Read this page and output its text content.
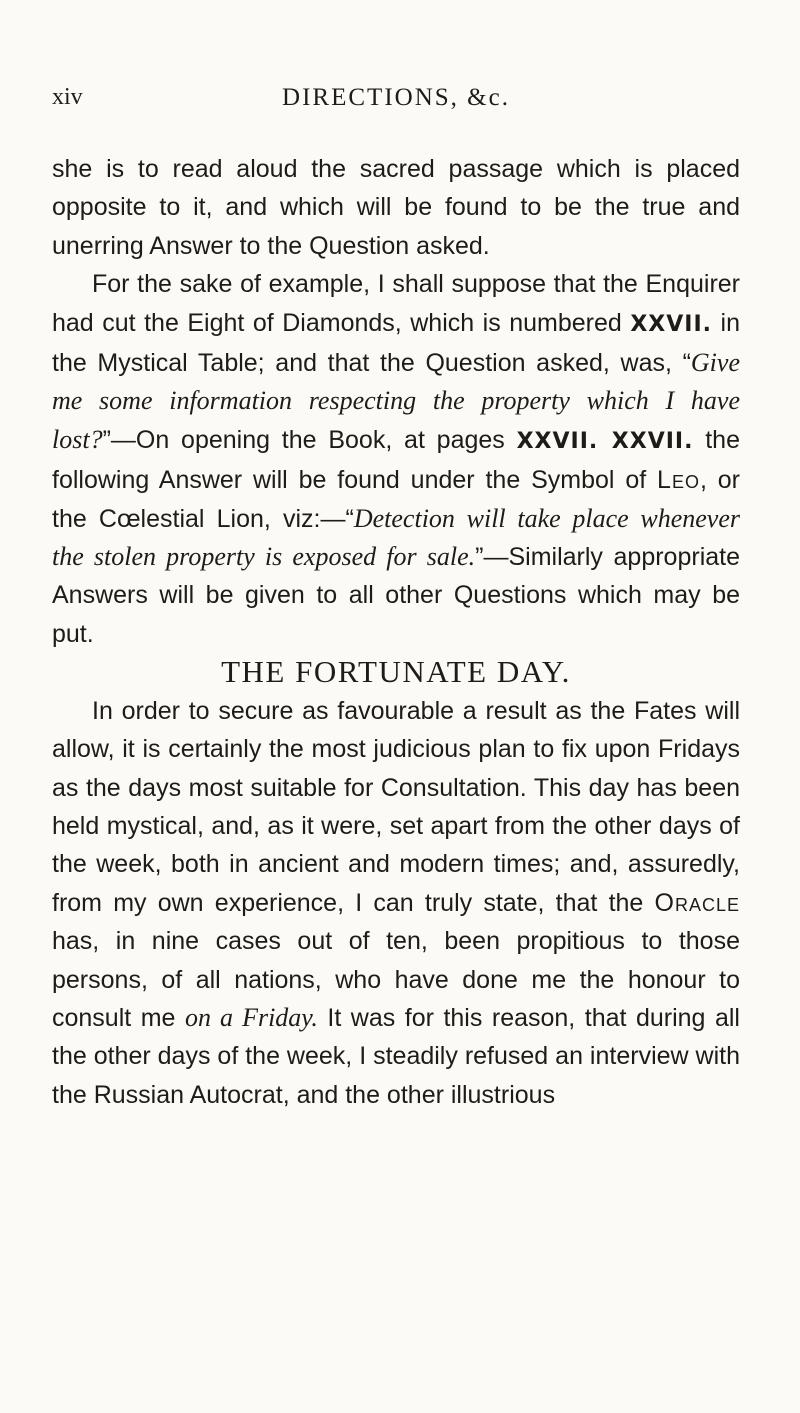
xiv	DIRECTIONS, &c.

she is to read aloud the sacred passage which is placed opposite to it, and which will be found to be the true and unerring Answer to the Question asked.

For the sake of example, I shall suppose that the Enquirer had cut the Eight of Diamonds, which is numbered XXVII. in the Mystical Table; and that the Question asked, was, “Give me some information respecting the property which I have lost?”—On opening the Book, at pages XXVII. XXVII. the following Answer will be found under the Symbol of Leo, or the Cœlestial Lion, viz:—“Detection will take place whenever the stolen property is exposed for sale.”—Similarly appropriate Answers will be given to all other Questions which may be put.

THE FORTUNATE DAY.

In order to secure as favourable a result as the Fates will allow, it is certainly the most judicious plan to fix upon Fridays as the days most suitable for Consultation. This day has been held mystical, and, as it were, set apart from the other days of the week, both in ancient and modern times; and, assuredly, from my own experience, I can truly state, that the Oracle has, in nine cases out of ten, been propitious to those persons, of all nations, who have done me the honour to consult me on a Friday. It was for this reason, that during all the other days of the week, I steadily refused an interview with the Russian Autocrat, and the other illustrious
